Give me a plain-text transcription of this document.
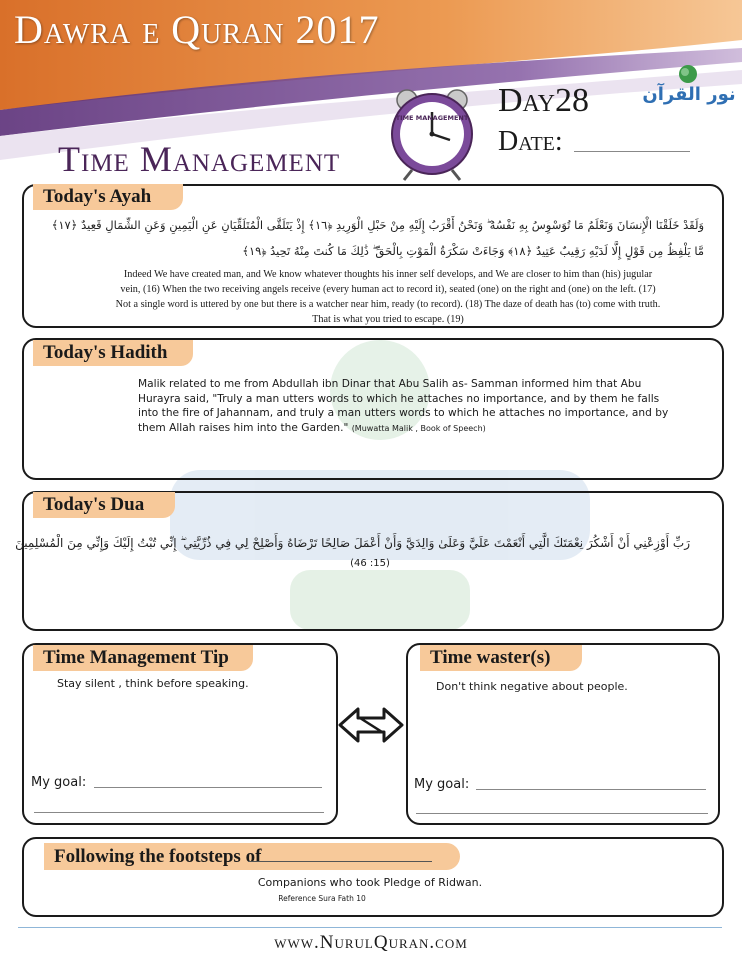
Dawra e Quran 2017
Time Management
TIME MANAGEMENT Day28
Date:
نور القرآن
Today's Ayah
وَلَقَدْ خَلَقْنَا الْإِنسَانَ وَنَعْلَمُ مَا تُوَسْوِسُ بِهِ نَفْسُهُ ۖ وَنَحْنُ أَقْرَبُ إِلَيْهِ مِنْ حَبْلِ الْوَرِيدِ ﴿١٦﴾ إِذْ يَتَلَقَّى الْمُتَلَقِّيَانِ عَنِ الْيَمِينِ وَعَنِ الشِّمَالِ قَعِيدٌ ﴿١٧﴾ مَّا يَلْفِظُ مِن قَوْلٍ إِلَّا لَدَيْهِ رَقِيبٌ عَتِيدٌ ﴿١٨﴾ وَجَاءَتْ سَكْرَةُ الْمَوْتِ بِالْحَقِّ ۖ ذَٰلِكَ مَا كُنتَ مِنْهُ تَحِيدُ ﴿١٩﴾

Indeed We have created man, and We know whatever thoughts his inner self develops, and We are closer to him than (his) jugular

vein, (16) When the two receiving angels receive (every human act to record it), seated (one) on the right and (one) on the left. (17)

Not a single word is uttered by one but there is a watcher near him, ready (to record). (18) The daze of death has (to) come with truth.

That is what you tried to escape. (19)

Today's Hadith
Malik related to me from Abdullah ibn Dinar that Abu Salih as- Samman informed him that Abu Hurayra said, "Truly a man utters words to which he attaches no importance, and by them he falls into the fire of Jahannam, and truly a man utters words to which he attaches no importance, and by them Allah raises him into the Garden." (Muwatta Malik , Book of Speech)
Today's Dua
رَبِّ أَوْزِعْنِي أَنْ أَشْكُرَ نِعْمَتَكَ الَّتِي أَنْعَمْتَ عَلَيَّ وَعَلَىٰ وَالِدَيَّ وَأَنْ أَعْمَلَ صَالِحًا تَرْضَاهُ وَأَصْلِحْ لِي فِي ذُرِّيَّتِي ۖ إِنِّي تُبْتُ إِلَيْكَ وَإِنِّي مِنَ الْمُسْلِمِينَ
(46 :15)
Time Management Tip
Stay silent , think before speaking.
My goal:
Time waster(s)
Don't think negative about people.
My goal:
Following the footsteps of
Companions who took Pledge of Ridwan.
Reference Sura Fath 10
www.NurulQuran.com
